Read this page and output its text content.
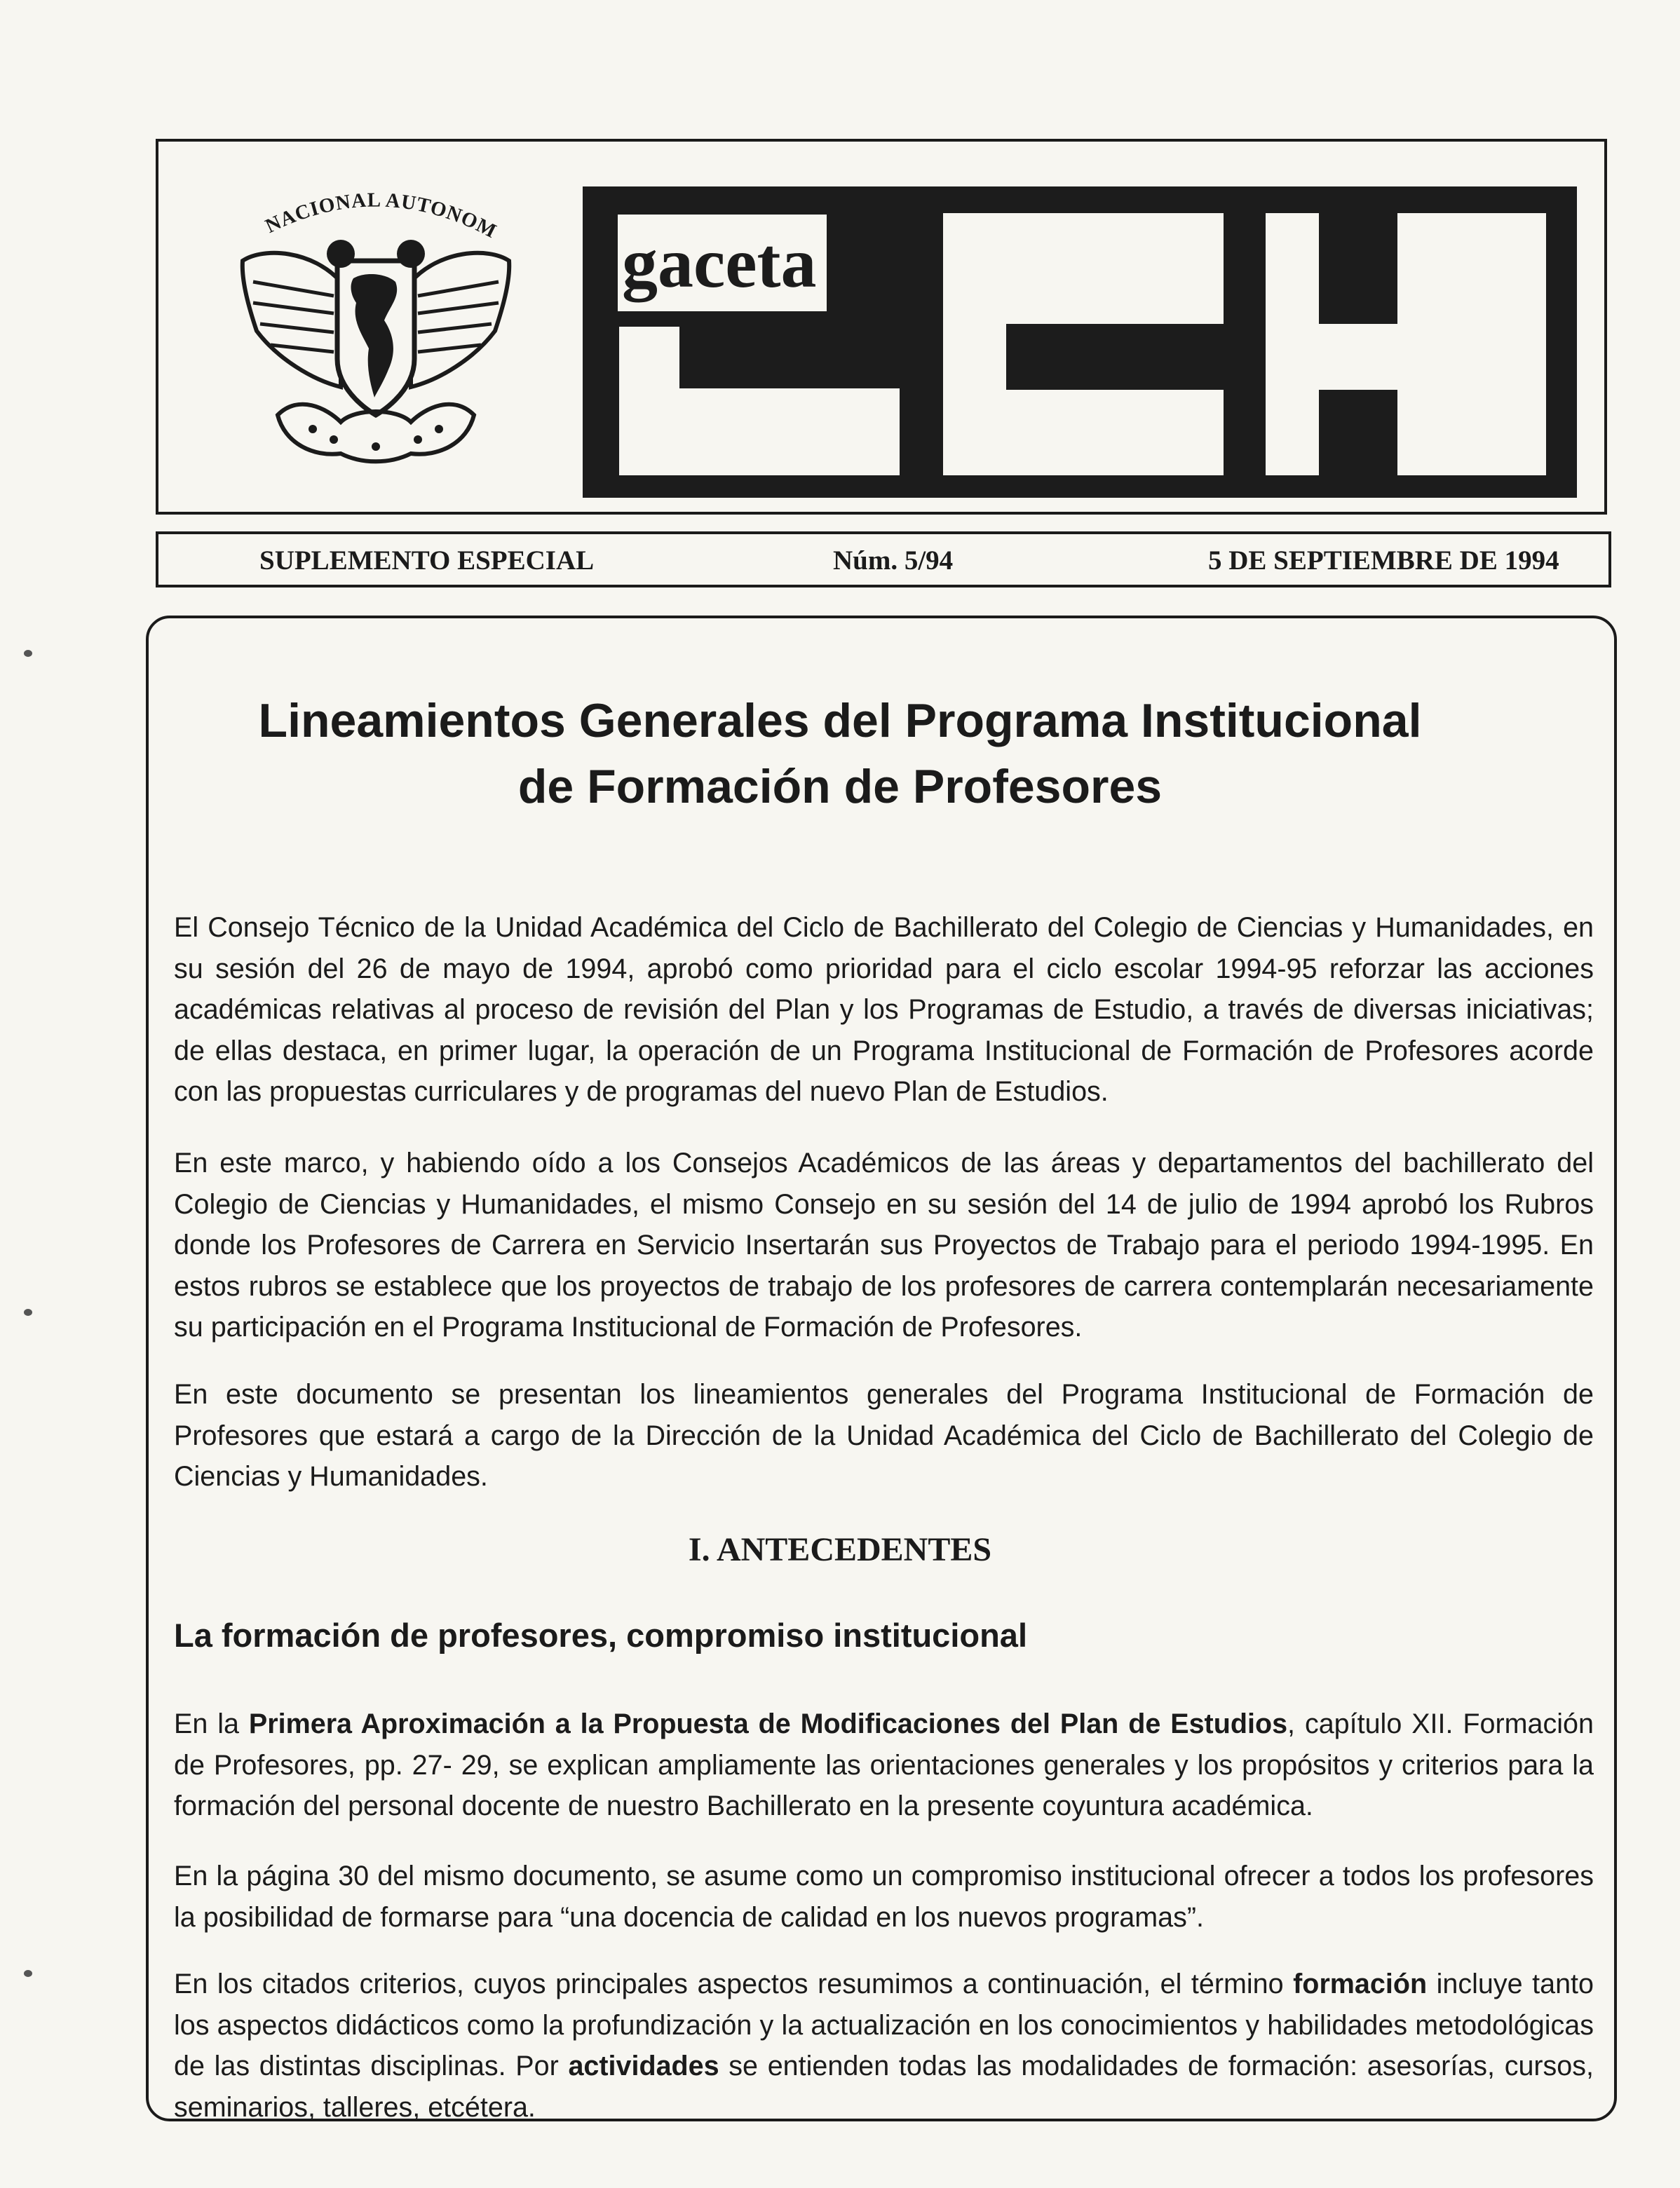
NACIONAL AUTONOM gaceta
SUPLEMENTO ESPECIAL	Núm. 5/94	5 DE SEPTIEMBRE DE 1994
Lineamientos Generales del Programa Institucional
de Formación de Profesores

El Consejo Técnico de la Unidad Académica del Ciclo de Bachillerato del Colegio de Ciencias y Humanidades, en su sesión del 26 de mayo de 1994, aprobó como prioridad para el ciclo escolar 1994-95 reforzar las acciones académicas relativas al proceso de revisión del Plan y los Programas de Estudio, a través de diversas iniciativas; de ellas destaca, en primer lugar, la operación de un Programa Institucional de Formación de Profesores acorde con las propuestas curriculares y de programas del nuevo Plan de Estudios.

En este marco, y habiendo oído a los Consejos Académicos de las áreas y departamentos del bachillerato del Colegio de Ciencias y Humanidades, el mismo Consejo en su sesión del 14 de julio de 1994 aprobó los Rubros donde los Profesores de Carrera en Servicio Insertarán sus Proyectos de Trabajo para el periodo 1994-1995. En estos rubros se establece que los proyectos de trabajo de los profesores de carrera contemplarán necesariamente su participación en el Programa Institucional de Formación de Profesores.

En este documento se presentan los lineamientos generales del Programa Institucional de Formación de Profesores que estará a cargo de la Dirección de la Unidad Académica del Ciclo de Bachillerato del Colegio de Ciencias y Humanidades.

I. ANTECEDENTES
La formación de profesores, compromiso institucional

En la Primera Aproximación a la Propuesta de Modificaciones del Plan de Estudios, capítulo XII. Formación de Profesores, pp. 27- 29, se explican ampliamente las orientaciones generales y los propósitos y criterios para la formación del personal docente de nuestro Bachillerato en la presente coyuntura académica.

En la página 30 del mismo documento, se asume como un compromiso institucional ofrecer a todos los profesores la posibilidad de formarse para “una docencia de calidad en los nuevos programas”.

En los citados criterios, cuyos principales aspectos resumimos a continuación, el término formación incluye tanto los aspectos didácticos como la profundización y la actualización en los conocimientos y habilidades metodológicas de las distintas disciplinas. Por actividades se entienden todas las modalidades de formación: asesorías, cursos, seminarios, talleres, etcétera.
